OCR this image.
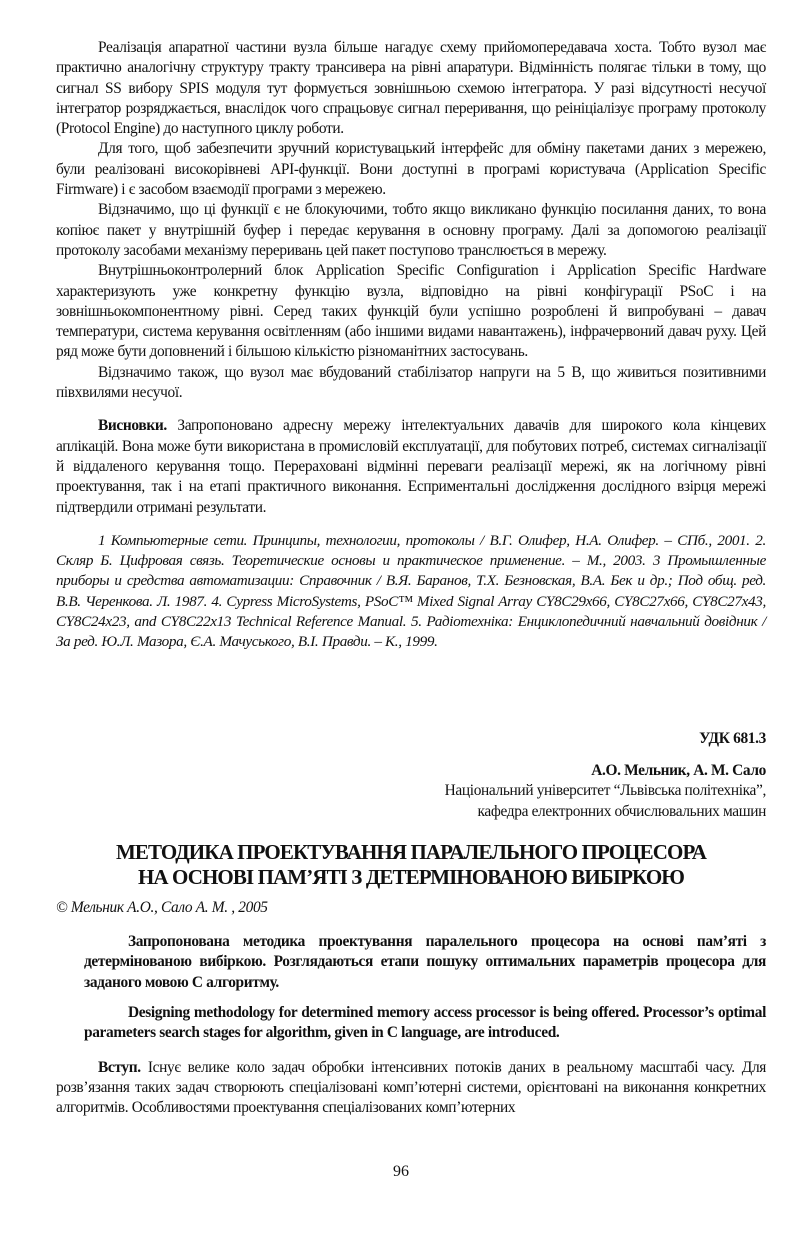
Реалізація апаратної частини вузла більше нагадує схему прийомопередавача хоста. Тобто вузол має практично аналогічну структуру тракту трансивера на рівні апаратури. Відмінність полягає тільки в тому, що сигнал SS вибору SPIS модуля тут формується зовнішньою схемою інтегратора. У разі відсутності несучої інтегратор розряджається, внаслідок чого спрацьовує сигнал переривання, що реініціалізує програму протоколу (Protocol Engine) до наступного циклу роботи.

Для того, щоб забезпечити зручний користувацький інтерфейс для обміну пакетами даних з мережею, були реалізовані високорівневі API-функції. Вони доступні в програмі користувача (Application Specific Firmware) і є засобом взаємодії програми з мережею.

Відзначимо, що ці функції є не блокуючими, тобто якщо викликано функцію посилання даних, то вона копіює пакет у внутрішній буфер і передає керування в основну програму. Далі за допомогою реалізації протоколу засобами механізму переривань цей пакет поступово транслюється в мережу.

Внутрішньоконтролерний блок Application Specific Configuration і Application Specific Hardware характеризують уже конкретну функцію вузла, відповідно на рівні конфігурації PSoC і на зовнішньокомпонентному рівні. Серед таких функцій були успішно розроблені й випробувані – давач температури, система керування освітленням (або іншими видами навантажень), інфрачервоний давач руху. Цей ряд може бути доповнений і більшою кількістю різноманітних застосувань.

Відзначимо також, що вузол має вбудований стабілізатор напруги на 5 В, що живиться позитивними півхвилями несучої.

Висновки. Запропоновано адресну мережу інтелектуальних давачів для широкого кола кінцевих аплікацій. Вона може бути використана в промисловій експлуатації, для побутових потреб, системах сигналізації й віддаленого керування тощо. Перераховані відмінні переваги реалізації мережі, як на логічному рівні проектування, так і на етапі практичного виконання. Есприментальні дослідження дослідного взірця мережі підтвердили отримані результати.

1 Компьютерные сети. Принципы, технологии, протоколы / В.Г. Олифер, Н.А. Олифер. – СПб., 2001. 2. Скляр Б. Цифровая связь. Теоретические основы и практическое применение. – М., 2003. 3 Промышленные приборы и средства автоматизации: Справочник / В.Я. Баранов, Т.Х. Безновская, В.А. Бек и др.; Под общ. ред. В.В. Черенкова. Л. 1987. 4. Cypress MicroSystems, PSoC™ Mixed Signal Array CY8C29x66, CY8C27x66, CY8C27x43, CY8C24x23, and CY8C22x13 Technical Reference Manual. 5. Радіотехніка: Енциклопедичний навчальний довідник / За ред. Ю.Л. Мазора, Є.А. Мачуського, В.І. Правди. – К., 1999.

УДК 681.3
А.О. Мельник, А. М. Сало
Національний університет “Львівська політехніка”,
кафедра електронних обчислювальних машин
МЕТОДИКА ПРОЕКТУВАННЯ ПАРАЛЕЛЬНОГО ПРОЦЕСОРА
НА ОСНОВІ ПАМ’ЯТІ З ДЕТЕРМІНОВАНОЮ ВИБІРКОЮ

© Мельник А.О., Сало А. М. , 2005

Запропонована методика проектування паралельного процесора на основі пам’яті з детермінованою вибіркою. Розглядаються етапи пошуку оптимальних параметрів процесора для заданого мовою С алгоритму.

Designing methodology for determined memory access processor is being offered. Processor’s optimal parameters search stages for algorithm, given in C language, are introduced.

Вступ. Існує велике коло задач обробки інтенсивних потоків даних в реальному масштабі часу. Для розв’язання таких задач створюють спеціалізовані комп’ютерні системи, орієнтовані на виконання конкретних алгоритмів. Особливостями проектування спеціалізованих комп’ютерних

96
